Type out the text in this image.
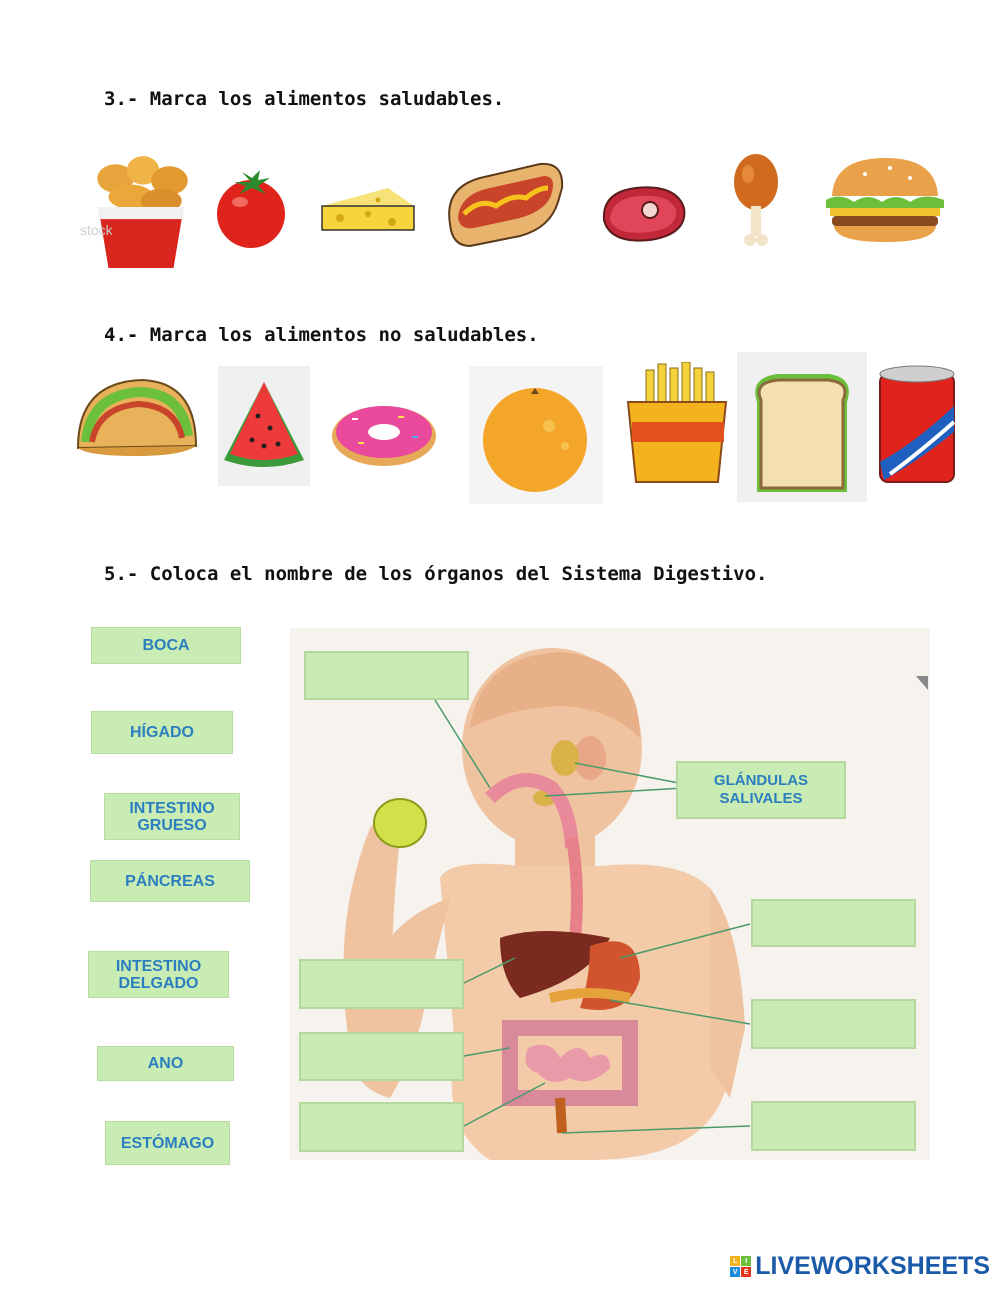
3.- Marca los alimentos saludables.
4.- Marca los alimentos no saludables.
5.- Coloca el nombre de los órganos del Sistema Digestivo.
stock
BOCA
HÍGADO
INTESTINO
GRUESO
PÁNCREAS
INTESTINO
DELGADO
ANO
ESTÓMAGO
GLÁNDULAS
SALIVALES
L	I
V E LIVEWORKSHEETS
